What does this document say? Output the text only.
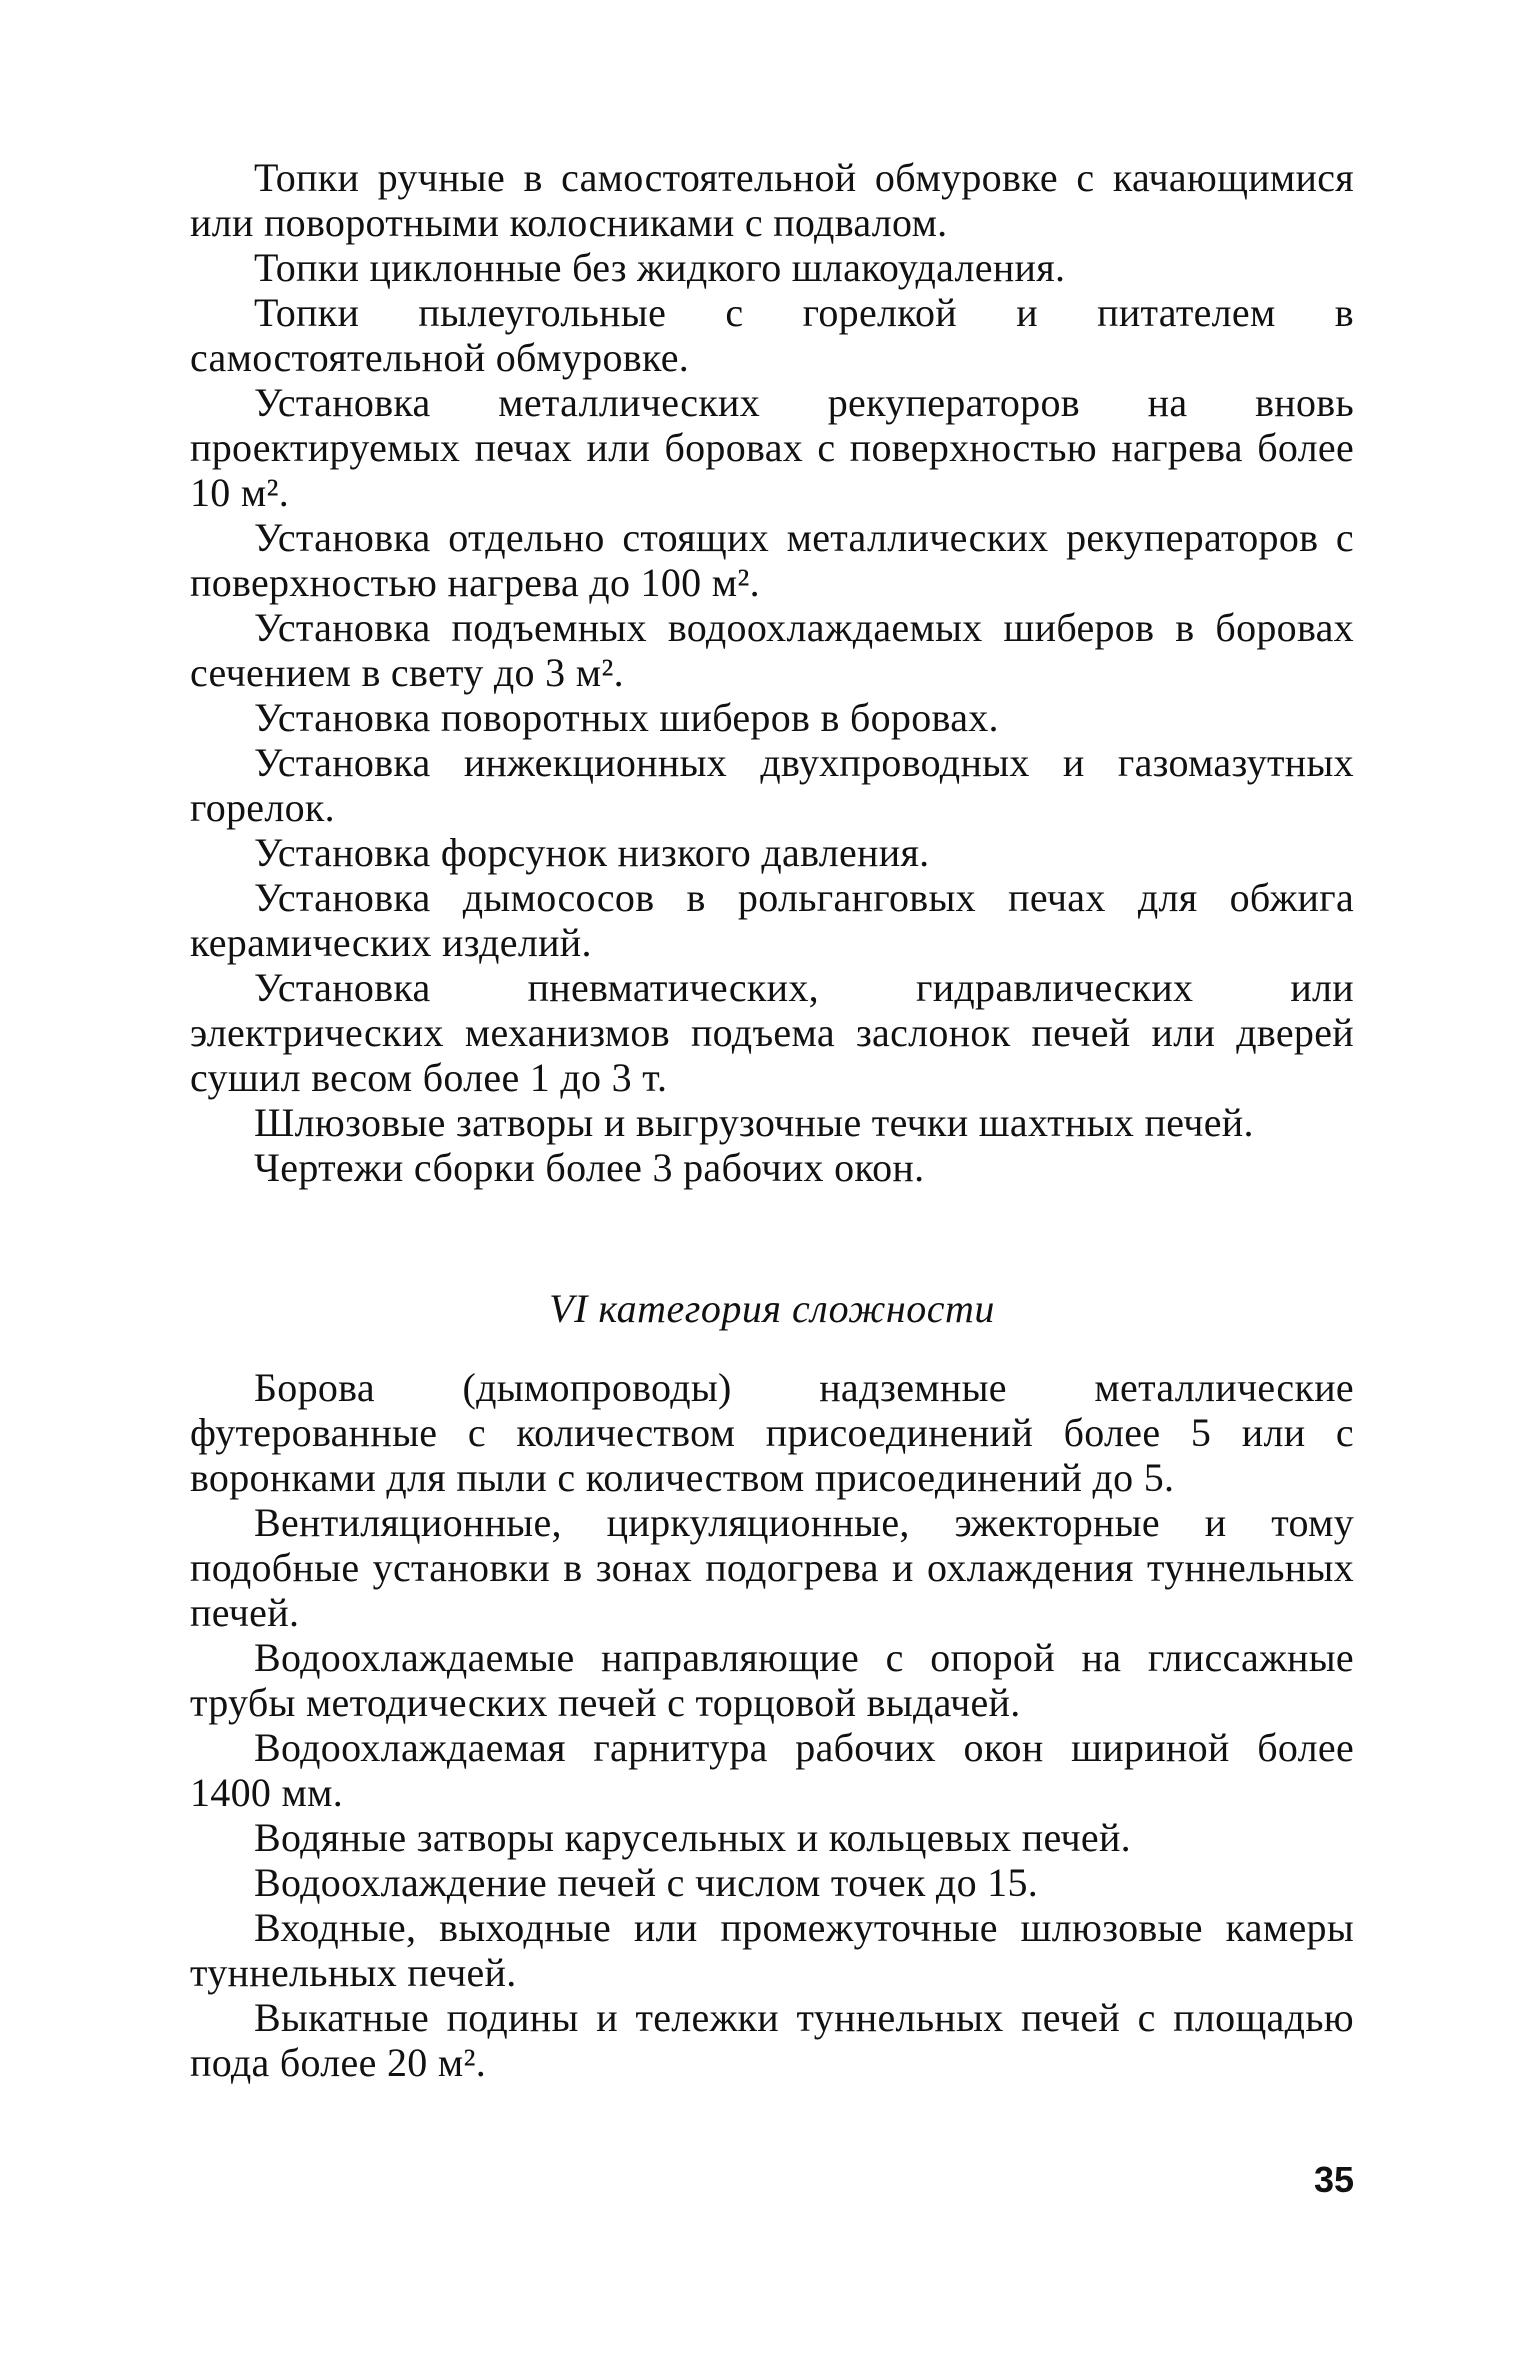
Топки ручные в самостоятельной обмуровке с качающимися или поворотными колосниками с подвалом.

Топки циклонные без жидкого шлакоудаления.

Топки пылеугольные с горелкой и питателем в самостоятельной обмуровке.

Установка металлических рекуператоров на вновь проектируемых печах или боровах с поверхностью нагрева более 10 м².

Установка отдельно стоящих металлических рекуператоров с поверхностью нагрева до 100 м².

Установка подъемных водоохлаждаемых шиберов в боровах сечением в свету до 3 м².

Установка поворотных шиберов в боровах.

Установка инжекционных двухпроводных и газомазутных горелок.

Установка форсунок низкого давления.

Установка дымососов в рольганговых печах для обжига керамических изделий.

Установка пневматических, гидравлических или электрических механизмов подъема заслонок печей или дверей сушил весом более 1 до 3 т.

Шлюзовые затворы и выгрузочные течки шахтных печей.

Чертежи сборки более 3 рабочих окон.

VI категория сложности

Борова (дымопроводы) надземные металлические футерованные с количеством присоединений более 5 или с воронками для пыли с количеством присоединений до 5.

Вентиляционные, циркуляционные, эжекторные и тому подобные установки в зонах подогрева и охлаждения туннельных печей.

Водоохлаждаемые направляющие с опорой на глиссажные трубы методических печей с торцовой выдачей.

Водоохлаждаемая гарнитура рабочих окон шириной более 1400 мм.

Водяные затворы карусельных и кольцевых печей.

Водоохлаждение печей с числом точек до 15.

Входные, выходные или промежуточные шлюзовые камеры туннельных печей.

Выкатные подины и тележки туннельных печей с площадью пода более 20 м².

35
